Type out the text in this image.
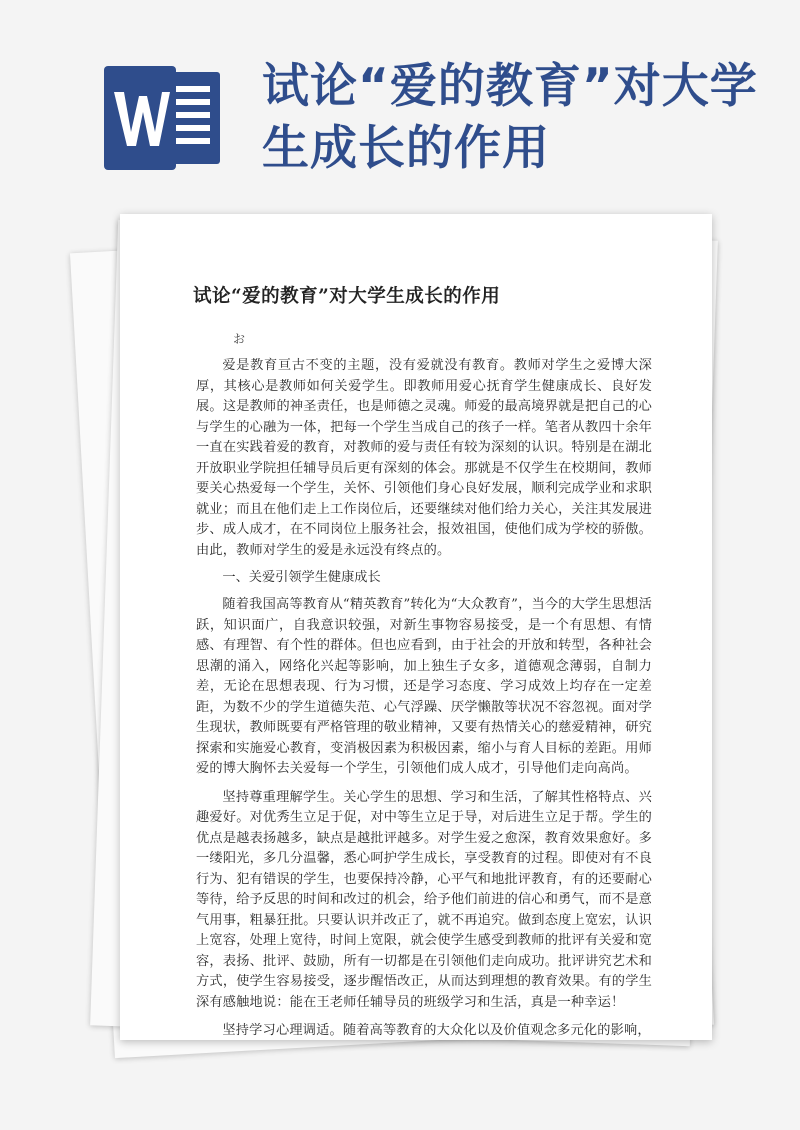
试论“爱的教育”对大学生成长的作用
试论“爱的教育”对大学生成长的作用

お

爱是教育亘古不变的主题，没有爱就没有教育。教师对学生之爱博大深厚，其核心是教师如何关爱学生。即教师用爱心抚育学生健康成长、良好发展。这是教师的神圣责任，也是师德之灵魂。师爱的最高境界就是把自己的心与学生的心融为一体，把每一个学生当成自己的孩子一样。笔者从教四十余年一直在实践着爱的教育，对教师的爱与责任有较为深刻的认识。特别是在湖北开放职业学院担任辅导员后更有深刻的体会。那就是不仅学生在校期间，教师要关心热爱每一个学生，关怀、引领他们身心良好发展，顺利完成学业和求职就业；而且在他们走上工作岗位后，还要继续对他们给力关心，关注其发展进步、成人成才，在不同岗位上服务社会，报效祖国，使他们成为学校的骄傲。由此，教师对学生的爱是永远没有终点的。

一、关爱引领学生健康成长

随着我国高等教育从“精英教育”转化为“大众教育”，当今的大学生思想活跃，知识面广，自我意识较强，对新生事物容易接受，是一个有思想、有情感、有理智、有个性的群体。但也应看到，由于社会的开放和转型，各种社会思潮的涌入，网络化兴起等影响，加上独生子女多，道德观念薄弱，自制力差，无论在思想表现、行为习惯，还是学习态度、学习成效上均存在一定差距，为数不少的学生道德失范、心气浮躁、厌学懒散等状况不容忽视。面对学生现状，教师既要有严格管理的敬业精神，又要有热情关心的慈爱精神，研究探索和实施爱心教育，变消极因素为积极因素，缩小与育人目标的差距。用师爱的博大胸怀去关爱每一个学生，引领他们成人成才，引导他们走向高尚。

坚持尊重理解学生。关心学生的思想、学习和生活，了解其性格特点、兴趣爱好。对优秀生立足于促，对中等生立足于导，对后进生立足于帮。学生的优点是越表扬越多，缺点是越批评越多。对学生爱之愈深，教育效果愈好。多一缕阳光，多几分温馨，悉心呵护学生成长，享受教育的过程。即使对有不良行为、犯有错误的学生，也要保持冷静，心平气和地批评教育，有的还要耐心等待，给予反思的时间和改过的机会，给予他们前进的信心和勇气，而不是意气用事，粗暴狂批。只要认识并改正了，就不再追究。做到态度上宽宏，认识上宽容，处理上宽待，时间上宽限，就会使学生感受到教师的批评有关爱和宽容，表扬、批评、鼓励，所有一切都是在引领他们走向成功。批评讲究艺术和方式，使学生容易接受，逐步醒悟改正，从而达到理想的教育效果。有的学生深有感触地说：能在王老师任辅导员的班级学习和生活，真是一种幸运！

坚持学习心理调适。随着高等教育的大众化以及价值观念多元化的影响，
